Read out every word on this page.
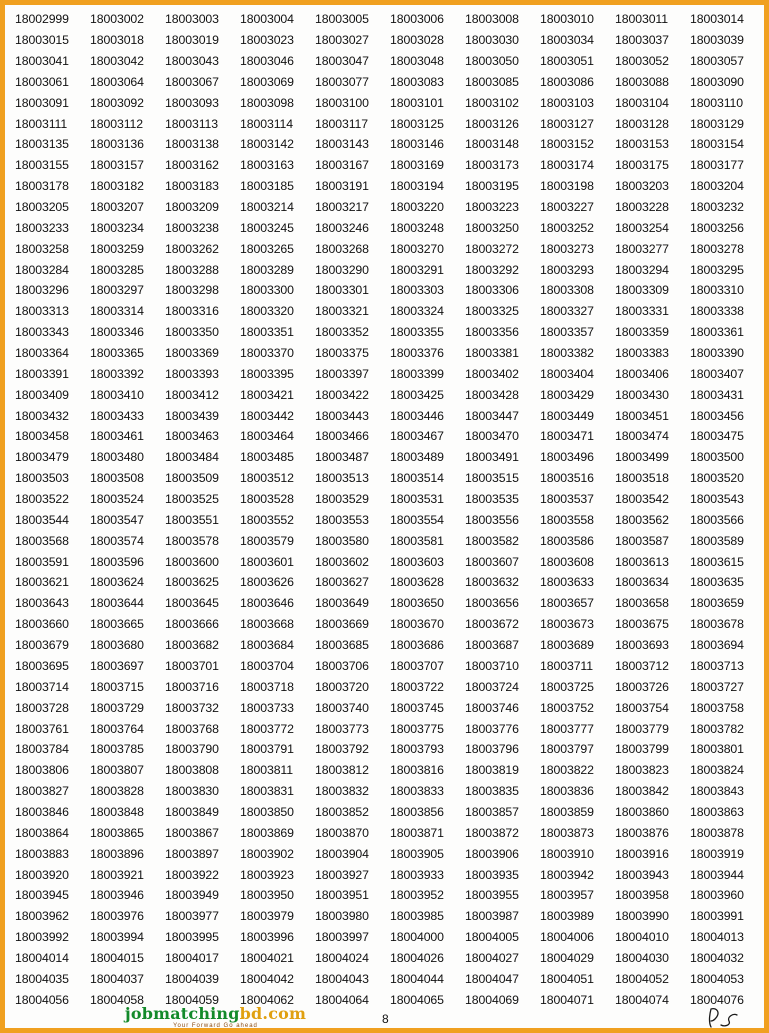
18002999	18003002	18003003	18003004	18003005	18003006	18003008	18003010	18003011	18003014
18003015	18003018	18003019	18003023	18003027	18003028	18003030	18003034	18003037	18003039
18003041	18003042	18003043	18003046	18003047	18003048	18003050	18003051	18003052	18003057
18003061	18003064	18003067	18003069	18003077	18003083	18003085	18003086	18003088	18003090
18003091	18003092	18003093	18003098	18003100	18003101	18003102	18003103	18003104	18003110
18003111	18003112	18003113	18003114	18003117	18003125	18003126	18003127	18003128	18003129
18003135	18003136	18003138	18003142	18003143	18003146	18003148	18003152	18003153	18003154
18003155	18003157	18003162	18003163	18003167	18003169	18003173	18003174	18003175	18003177
18003178	18003182	18003183	18003185	18003191	18003194	18003195	18003198	18003203	18003204
18003205	18003207	18003209	18003214	18003217	18003220	18003223	18003227	18003228	18003232
18003233	18003234	18003238	18003245	18003246	18003248	18003250	18003252	18003254	18003256
18003258	18003259	18003262	18003265	18003268	18003270	18003272	18003273	18003277	18003278
18003284	18003285	18003288	18003289	18003290	18003291	18003292	18003293	18003294	18003295
18003296	18003297	18003298	18003300	18003301	18003303	18003306	18003308	18003309	18003310
18003313	18003314	18003316	18003320	18003321	18003324	18003325	18003327	18003331	18003338
18003343	18003346	18003350	18003351	18003352	18003355	18003356	18003357	18003359	18003361
18003364	18003365	18003369	18003370	18003375	18003376	18003381	18003382	18003383	18003390
18003391	18003392	18003393	18003395	18003397	18003399	18003402	18003404	18003406	18003407
18003409	18003410	18003412	18003421	18003422	18003425	18003428	18003429	18003430	18003431
18003432	18003433	18003439	18003442	18003443	18003446	18003447	18003449	18003451	18003456
18003458	18003461	18003463	18003464	18003466	18003467	18003470	18003471	18003474	18003475
18003479	18003480	18003484	18003485	18003487	18003489	18003491	18003496	18003499	18003500
18003503	18003508	18003509	18003512	18003513	18003514	18003515	18003516	18003518	18003520
18003522	18003524	18003525	18003528	18003529	18003531	18003535	18003537	18003542	18003543
18003544	18003547	18003551	18003552	18003553	18003554	18003556	18003558	18003562	18003566
18003568	18003574	18003578	18003579	18003580	18003581	18003582	18003586	18003587	18003589
18003591	18003596	18003600	18003601	18003602	18003603	18003607	18003608	18003613	18003615
18003621	18003624	18003625	18003626	18003627	18003628	18003632	18003633	18003634	18003635
18003643	18003644	18003645	18003646	18003649	18003650	18003656	18003657	18003658	18003659
18003660	18003665	18003666	18003668	18003669	18003670	18003672	18003673	18003675	18003678
18003679	18003680	18003682	18003684	18003685	18003686	18003687	18003689	18003693	18003694
18003695	18003697	18003701	18003704	18003706	18003707	18003710	18003711	18003712	18003713
18003714	18003715	18003716	18003718	18003720	18003722	18003724	18003725	18003726	18003727
18003728	18003729	18003732	18003733	18003740	18003745	18003746	18003752	18003754	18003758
18003761	18003764	18003768	18003772	18003773	18003775	18003776	18003777	18003779	18003782
18003784	18003785	18003790	18003791	18003792	18003793	18003796	18003797	18003799	18003801
18003806	18003807	18003808	18003811	18003812	18003816	18003819	18003822	18003823	18003824
18003827	18003828	18003830	18003831	18003832	18003833	18003835	18003836	18003842	18003843
18003846	18003848	18003849	18003850	18003852	18003856	18003857	18003859	18003860	18003863
18003864	18003865	18003867	18003869	18003870	18003871	18003872	18003873	18003876	18003878
18003883	18003896	18003897	18003902	18003904	18003905	18003906	18003910	18003916	18003919
18003920	18003921	18003922	18003923	18003927	18003933	18003935	18003942	18003943	18003944
18003945	18003946	18003949	18003950	18003951	18003952	18003955	18003957	18003958	18003960
18003962	18003976	18003977	18003979	18003980	18003985	18003987	18003989	18003990	18003991
18003992	18003994	18003995	18003996	18003997	18004000	18004005	18004006	18004010	18004013
18004014	18004015	18004017	18004021	18004024	18004026	18004027	18004029	18004030	18004032
18004035	18004037	18004039	18004042	18004043	18004044	18004047	18004051	18004052	18004053
18004056	18004058	18004059	18004062	18004064	18004065	18004069	18004071	18004074	18004076
jobmatchingbd.com
Your Forward Go ahead	8
